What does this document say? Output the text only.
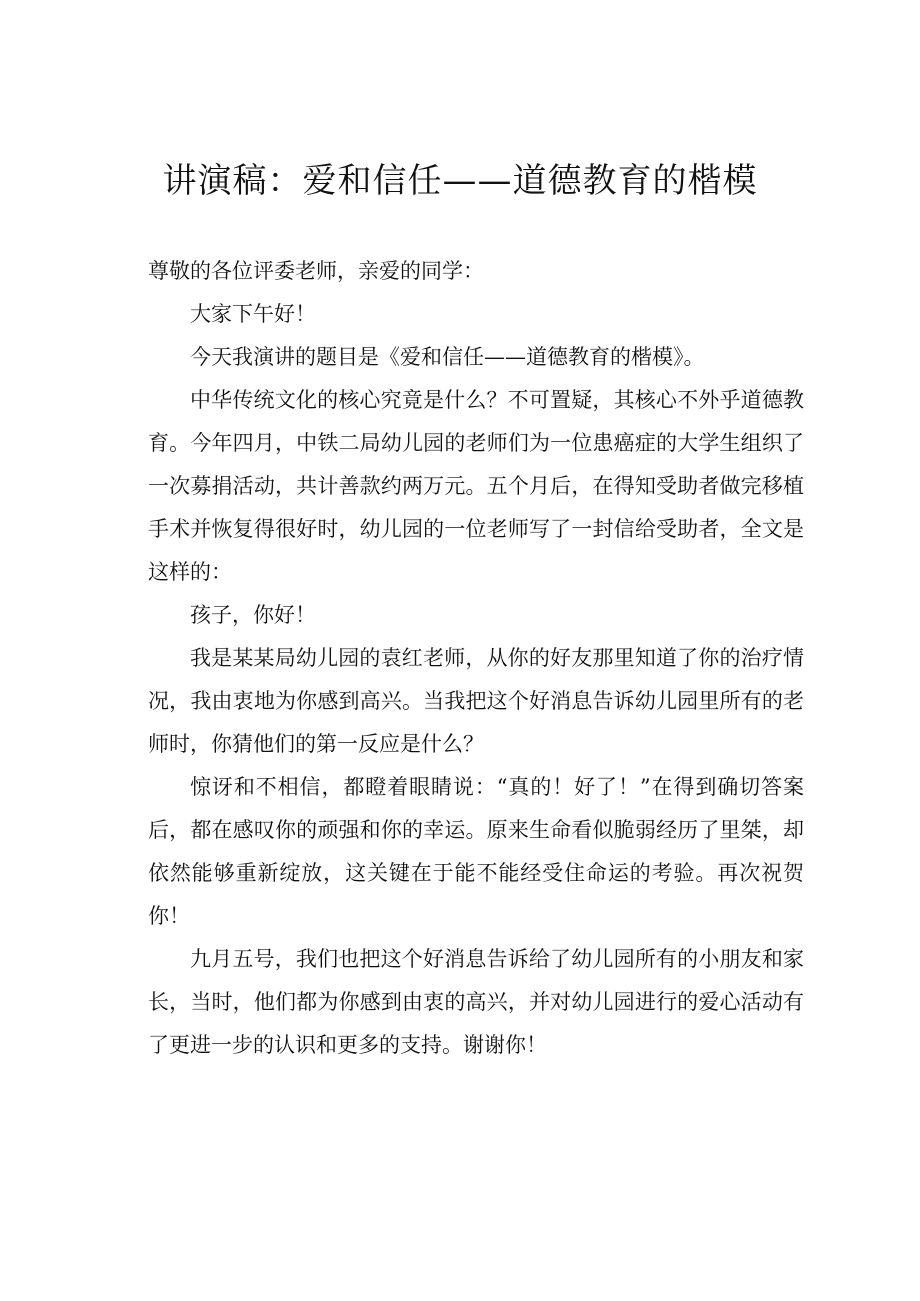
讲演稿：爱和信任——道德教育的楷模

尊敬的各位评委老师，亲爱的同学：

大家下午好！

今天我演讲的题目是《爱和信任——道德教育的楷模》。

中华传统文化的核心究竟是什么？不可置疑，其核心不外乎道德教育。今年四月，中铁二局幼儿园的老师们为一位患癌症的大学生组织了一次募捐活动，共计善款约两万元。五个月后，在得知受助者做完移植手术并恢复得很好时，幼儿园的一位老师写了一封信给受助者，全文是这样的：

孩子，你好！

我是某某局幼儿园的袁红老师，从你的好友那里知道了你的治疗情况，我由衷地为你感到高兴。当我把这个好消息告诉幼儿园里所有的老师时，你猜他们的第一反应是什么？

惊讶和不相信，都瞪着眼睛说：“真的！好了！”在得到确切答案后，都在感叹你的顽强和你的幸运。原来生命看似脆弱经历了里桀，却依然能够重新绽放，这关键在于能不能经受住命运的考验。再次祝贺你！

九月五号，我们也把这个好消息告诉给了幼儿园所有的小朋友和家长，当时，他们都为你感到由衷的高兴，并对幼儿园进行的爱心活动有了更进一步的认识和更多的支持。谢谢你！
